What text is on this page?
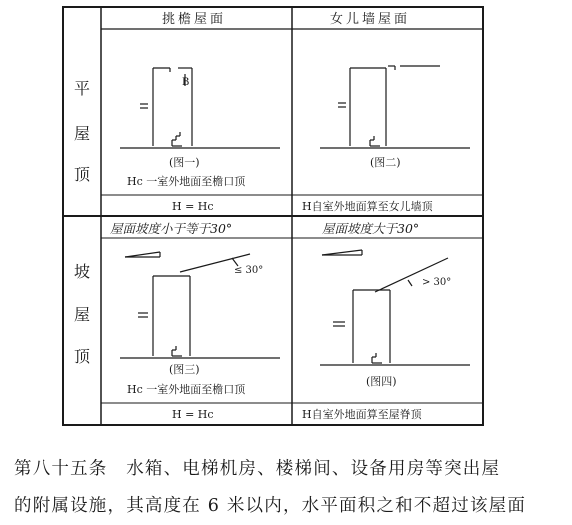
B
≤ 30°
> 30°
平
屋
顶
坡
屋
顶
挑檐屋面	女儿墙屋面
(图一)
Hc 一室外地面至檐口顶
H = Hc
(图二)
H自室外地面算至女儿墙顶
屋面坡度小于等于30°
(图三)
Hc 一室外地面至檐口顶
H = Hc
屋面坡度大于30°
(图四)
H自室外地面算至屋脊顶
第八十五条　水箱、电梯机房、楼梯间、设备用房等突出屋
的附属设施，其高度在 6 米以内，水平面积之和不超过该屋面
